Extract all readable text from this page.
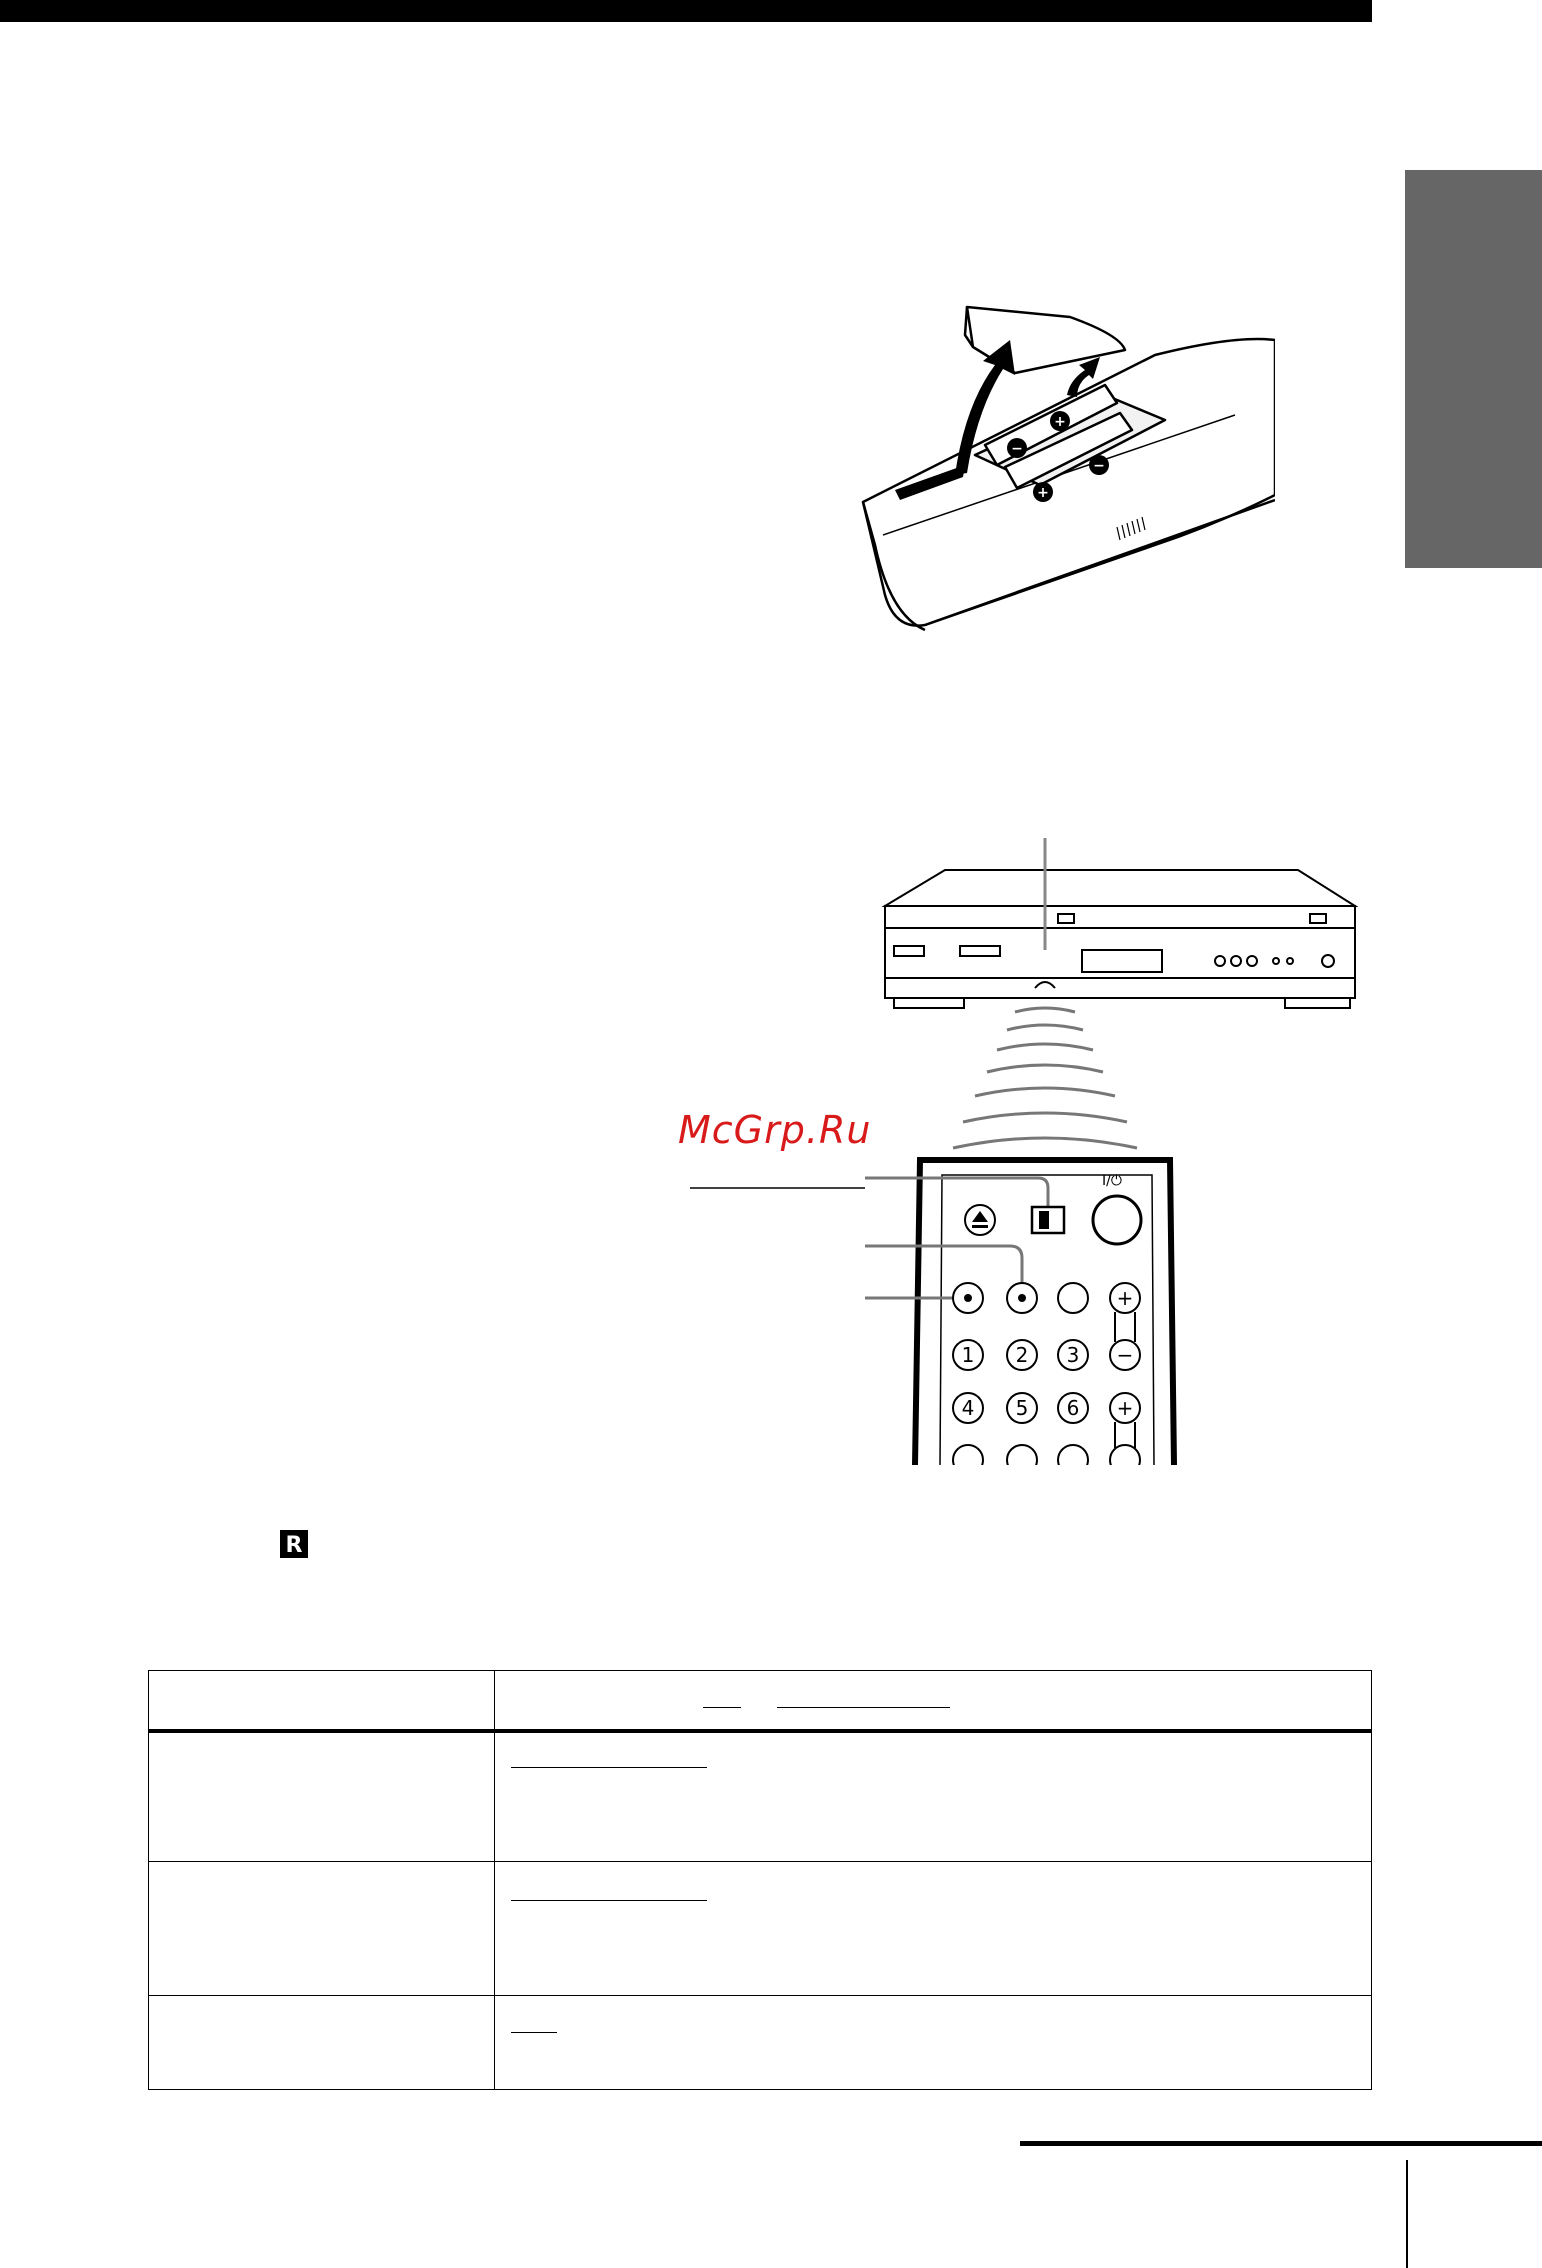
+
−
−
+
McGrp.Ru
I/⏻
+
1 2 3 −
4 5 6 +
R
